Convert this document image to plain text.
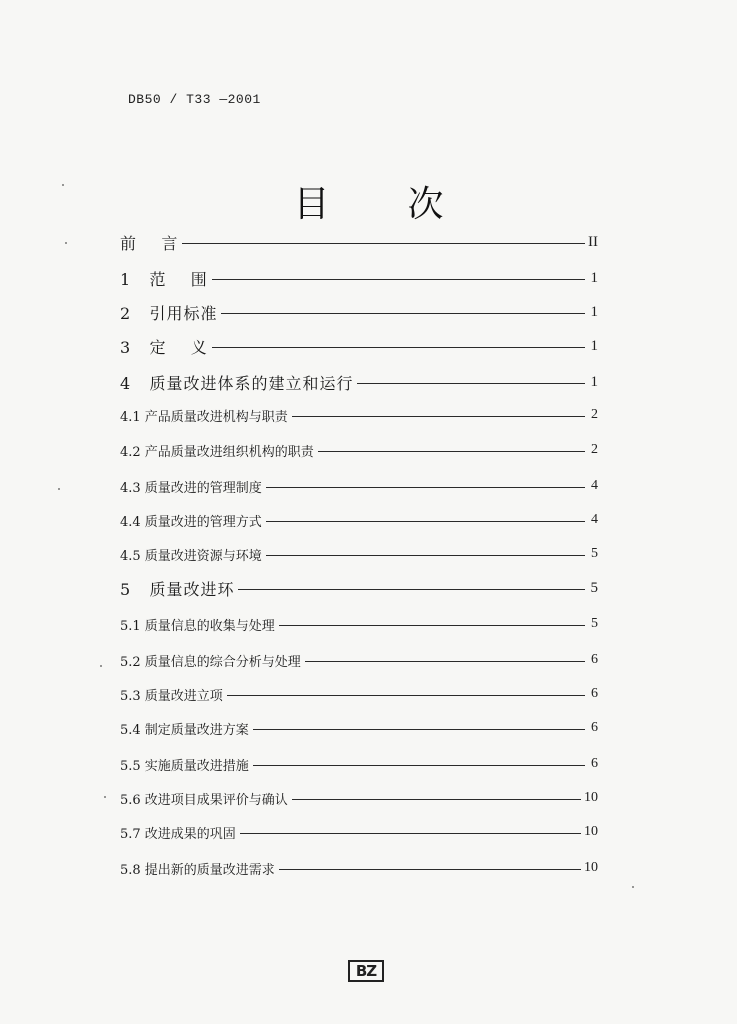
DB50 / T33 —2001
目 次
前    言	II
1   范    围	1
2   引用标准	1
3   定    义	1
4   质量改进体系的建立和运行	1
4.1 产品质量改进机构与职责	2
4.2 产品质量改进组织机构的职责	2
4.3 质量改进的管理制度	4
4.4 质量改进的管理方式	4
4.5 质量改进资源与环境	5
5   质量改进环	5
5.1 质量信息的收集与处理	5
5.2 质量信息的综合分析与处理	6
5.3 质量改进立项	6
5.4 制定质量改进方案	6
5.5 实施质量改进措施	6
5.6 改进项目成果评价与确认	10
5.7 改进成果的巩固	10
5.8 提出新的质量改进需求	10
BZ
